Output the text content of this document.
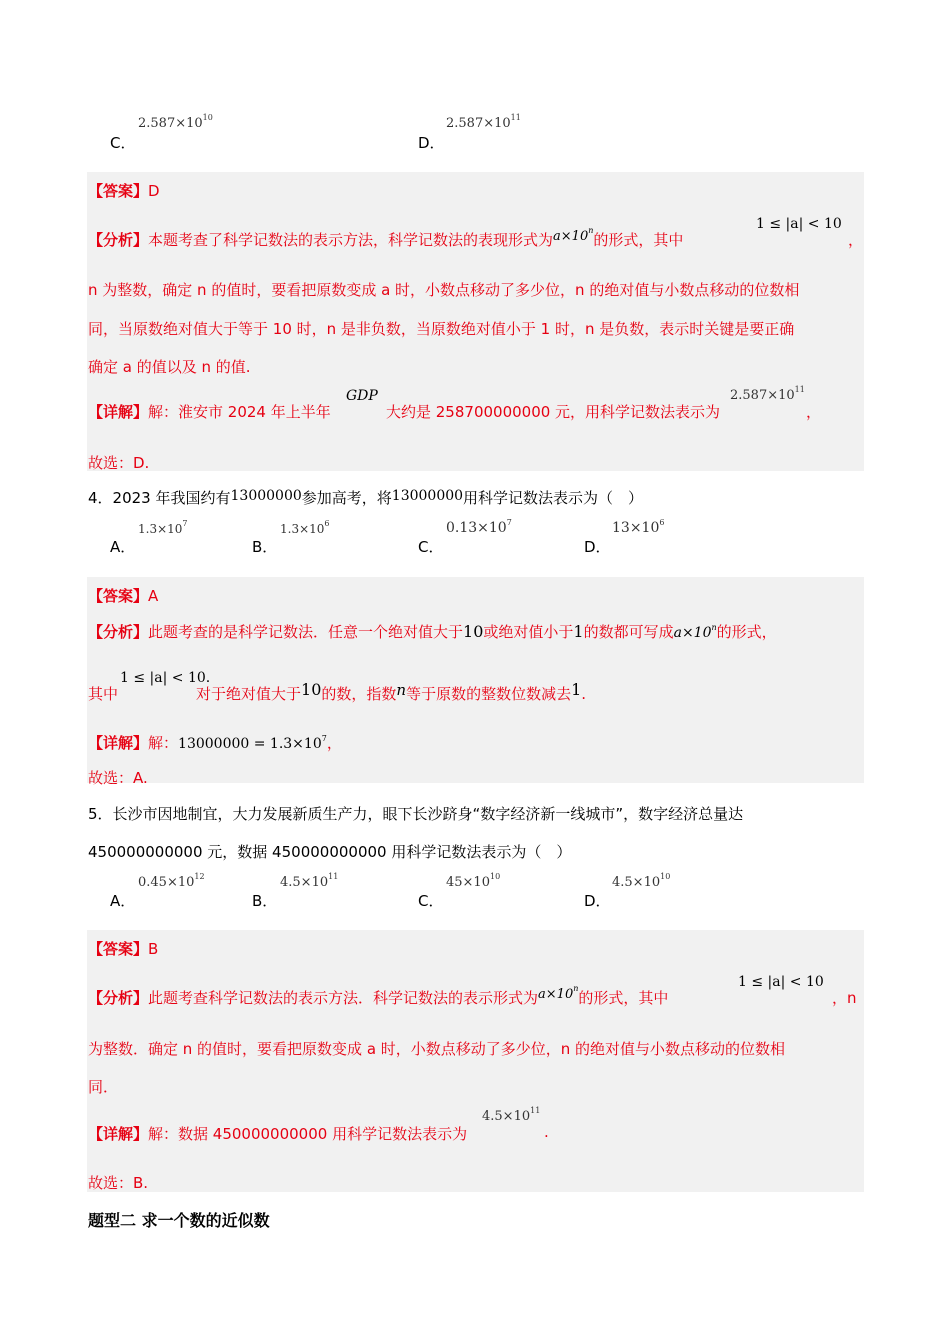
C．
$2.587\times 10^{10}$
D．
$2.587\times 10^{11}$
【答案】D
【分析】本题考查了科学记数法的表示方法，科学记数法的表现形式为$a\times 10^n$的形式，其中
1 ≤ |a| < 10
，
n 为整数，确定 n 的值时，要看把原数变成 a 时，小数点移动了多少位，n 的绝对值与小数点移动的位数相
同，当原数绝对值大于等于 10 时，n 是非负数，当原数绝对值小于 1 时，n 是负数，表示时关键是要正确
确定 a 的值以及 n 的值.
【详解】解：淮安市 2024 年上半年
GDP
大约是 258700000000 元，用科学记数法表示为
$2.587\times 10^{11}$
，
故选：D.
4．2023 年我国约有13000000参加高考，将13000000用科学记数法表示为（　）
A．
$1.3\times 10^7$
B．
$1.3\times 10^6$
C．
$0.13\times 10^7$
D．
$13\times 10^6$
【答案】A
【分析】此题考查的是科学记数法．任意一个绝对值大于10或绝对值小于1的数都可写成$a\times 10^n$的形式，
其中
1 ≤ |a| < 10.
对于绝对值大于10的数，指数n等于原数的整数位数减去1.
【详解】解：$13000000 = 1.3\times 10^7$，
故选：A.
5．长沙市因地制宜，大力发展新质生产力，眼下长沙跻身“数字经济新一线城市”，数字经济总量达
450000000000 元，数据 450000000000 用科学记数法表示为（　）
A．
$0.45\times 10^{12}$
B．
$4.5\times 10^{11}$
C．
$45\times 10^{10}$
D．
$4.5\times 10^{10}$
【答案】B
【分析】此题考查科学记数法的表示方法．科学记数法的表示形式为$a\times 10^n$的形式，其中
1 ≤ |a| < 10
，n
为整数．确定 n 的值时，要看把原数变成 a 时，小数点移动了多少位，n 的绝对值与小数点移动的位数相
同．
【详解】解：数据 450000000000 用科学记数法表示为
$4.5\times 10^{11}$
.
故选：B.
题型二 求一个数的近似数
